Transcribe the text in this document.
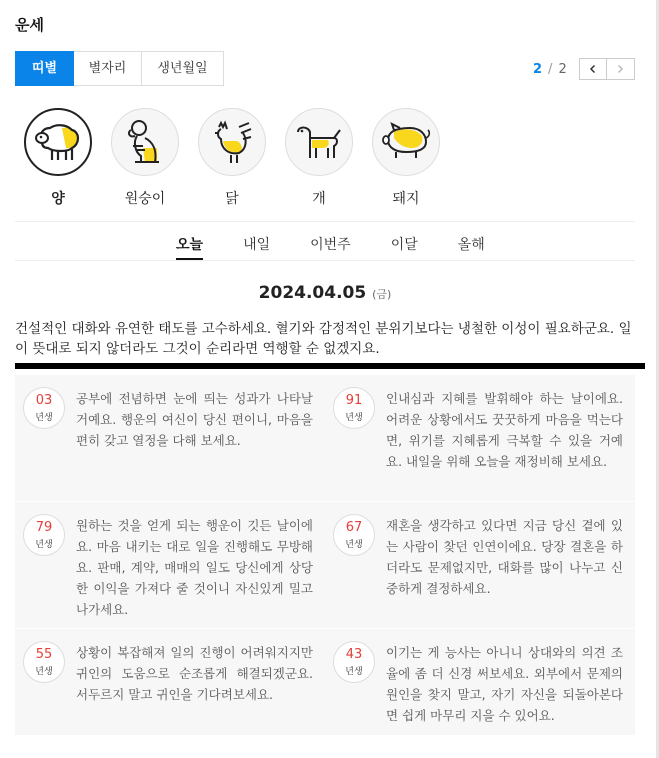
운세
띠별	별자리	생년월일	2 / 2
양	원숭이	닭	개	돼지
오늘	내일	이번주	이달	올해
2024.04.05 (금)
건설적인 대화와 유연한 태도를 고수하세요. 혈기와 감정적인 분위기보다는 냉철한 이성이 필요하군요. 일이 뜻대로 되지 않더라도 그것이 순리라면 역행할 순 없겠지요.
03
년생
공부에 전념하면 눈에 띄는 성과가 나타날 거예요. 행운의 여신이 당신 편이니, 마음을 편히 갖고 열정을 다해 보세요.
91
년생
인내심과 지혜를 발휘해야 하는 날이에요. 어려운 상황에서도 꿋꿋하게 마음을 먹는다면, 위기를 지혜롭게 극복할 수 있을 거예요. 내일을 위해 오늘을 재정비해 보세요.
79
년생
원하는 것을 얻게 되는 행운이 깃든 날이에요. 마음 내키는 대로 일을 진행해도 무방해요. 판매, 계약, 매매의 일도 당신에게 상당한 이익을 가져다 줄 것이니 자신있게 밀고 나가세요.
67
년생
재혼을 생각하고 있다면 지금 당신 곁에 있는 사람이 찾던 인연이에요. 당장 결혼을 하더라도 문제없지만, 대화를 많이 나누고 신중하게 결정하세요.
55
년생
상황이 복잡해져 일의 진행이 어려워지지만 귀인의 도움으로 순조롭게 해결되겠군요. 서두르지 말고 귀인을 기다려보세요.
43
년생
이기는 게 능사는 아니니 상대와의 의견 조율에 좀 더 신경 써보세요. 외부에서 문제의 원인을 찾지 말고, 자기 자신을 되돌아본다면 쉽게 마무리 지을 수 있어요.
